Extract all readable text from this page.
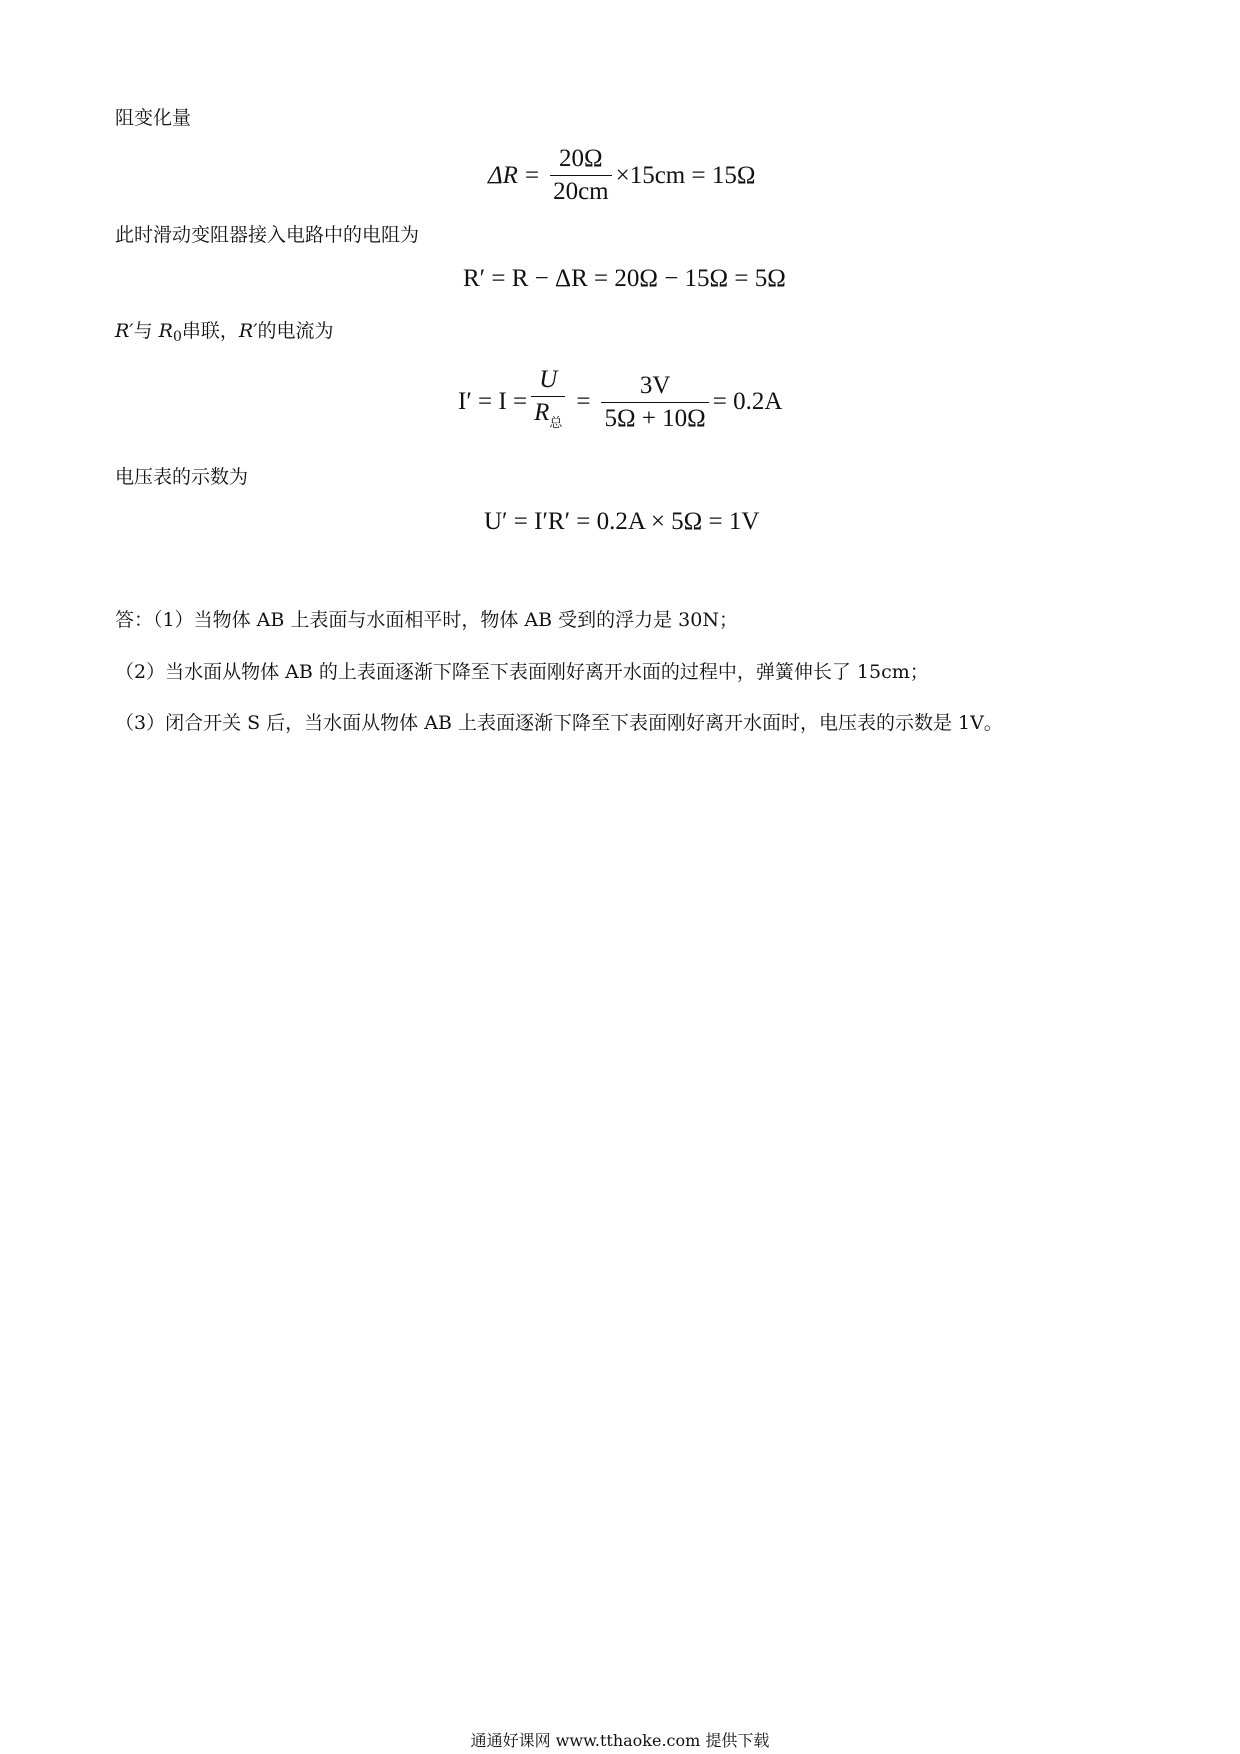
阻变化量
$\Delta R = \frac{20\Omega}{20cm} \times 15cm = 15\Omega$
此时滑动变阻器接入电路中的电阻为
R′ = R − ΔR = 20Ω − 15Ω = 5Ω
R′与 $R_0$串联，R′的电流为
$I' = I = \frac{U}{R_总} = \frac{3V}{5\Omega + 10\Omega} = 0.2A$
电压表的示数为
U′ = I′R′ = 0.2A × 5Ω = 1V
答：（1）当物体 AB 上表面与水面相平时，物体 AB 受到的浮力是 30N；
（2）当水面从物体 AB 的上表面逐渐下降至下表面刚好离开水面的过程中，弹簧伸长了 15cm；
（3）闭合开关 S 后，当水面从物体 AB 上表面逐渐下降至下表面刚好离开水面时，电压表的示数是 1V。
通通好课网 www.tthaoke.com 提供下载
